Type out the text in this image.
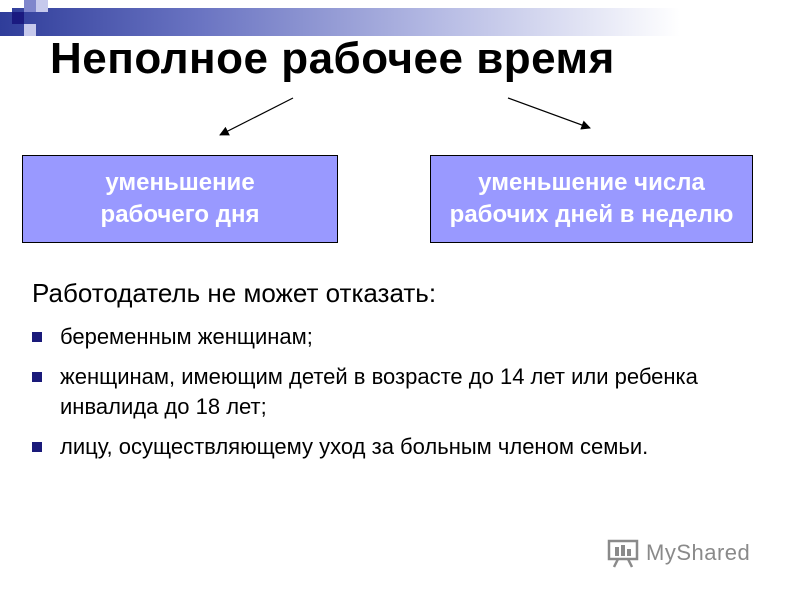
Неполное рабочее время
уменьшение
рабочего дня
уменьшение числа
рабочих дней в неделю

Работодатель не может отказать:

беременным женщинам;
женщинам, имеющим детей в возрасте до 14 лет или ребенка инвалида до 18 лет;
лицу, осуществляющему уход за больным членом семьи.
MyShared
